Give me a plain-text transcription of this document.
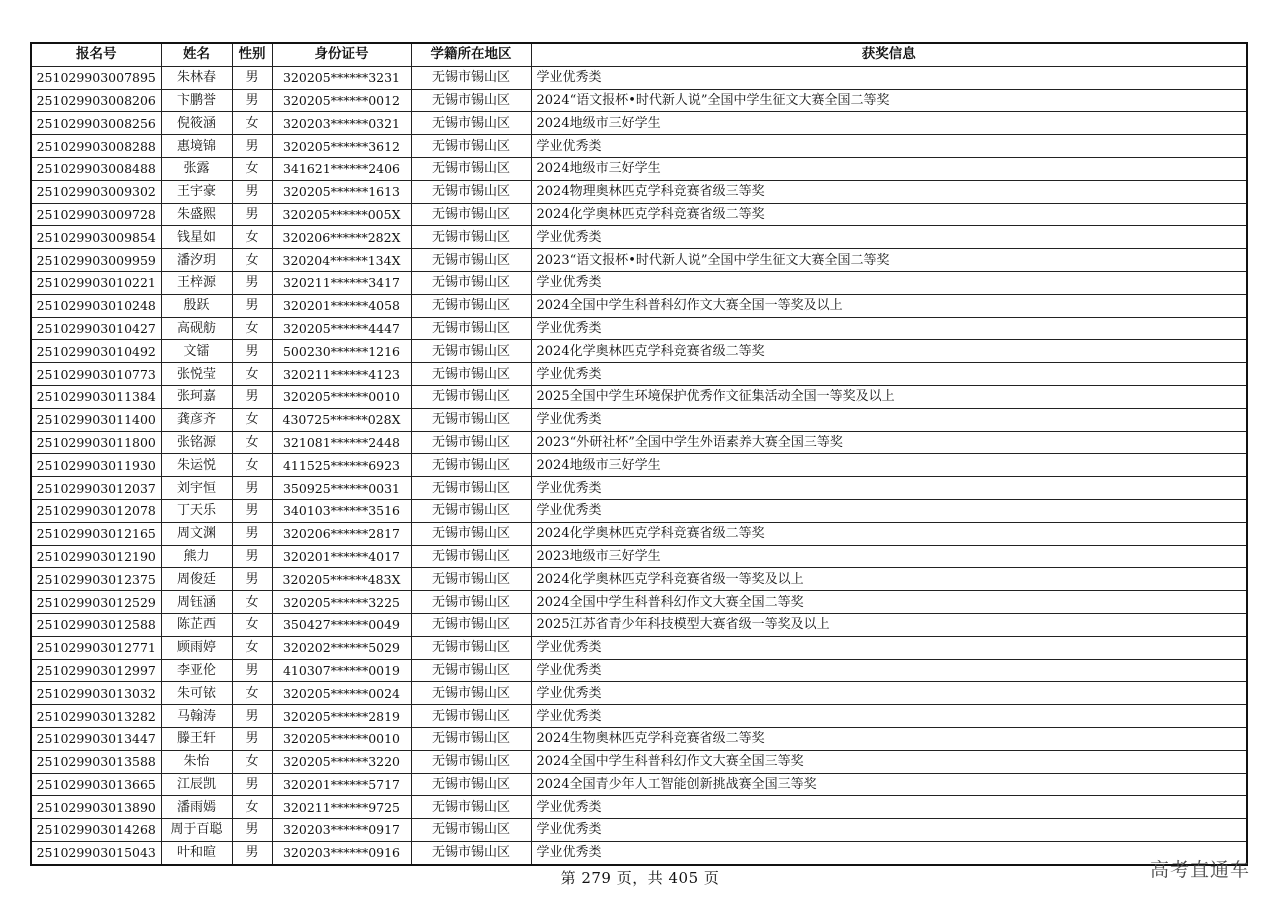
报名号	姓名	性别	身份证号	学籍所在地区	获奖信息
251029903007895	朱林春	男	320205******3231	无锡市锡山区	学业优秀类
251029903008206	卞鹏誉	男	320205******0012	无锡市锡山区	2024“语文报杯•时代新人说”全国中学生征文大赛全国二等奖
251029903008256	倪筱涵	女	320203******0321	无锡市锡山区	2024地级市三好学生
251029903008288	惠境锦	男	320205******3612	无锡市锡山区	学业优秀类
251029903008488	张露	女	341621******2406	无锡市锡山区	2024地级市三好学生
251029903009302	王宇豪	男	320205******1613	无锡市锡山区	2024物理奥林匹克学科竞赛省级三等奖
251029903009728	朱盛熙	男	320205******005X	无锡市锡山区	2024化学奥林匹克学科竞赛省级二等奖
251029903009854	钱星如	女	320206******282X	无锡市锡山区	学业优秀类
251029903009959	潘汐玥	女	320204******134X	无锡市锡山区	2023“语文报杯•时代新人说”全国中学生征文大赛全国二等奖
251029903010221	王梓源	男	320211******3417	无锡市锡山区	学业优秀类
251029903010248	殷跃	男	320201******4058	无锡市锡山区	2024全国中学生科普科幻作文大赛全国一等奖及以上
251029903010427	高砚舫	女	320205******4447	无锡市锡山区	学业优秀类
251029903010492	文镭	男	500230******1216	无锡市锡山区	2024化学奥林匹克学科竞赛省级二等奖
251029903010773	张悦莹	女	320211******4123	无锡市锡山区	学业优秀类
251029903011384	张珂嘉	男	320205******0010	无锡市锡山区	2025全国中学生环境保护优秀作文征集活动全国一等奖及以上
251029903011400	龚彦齐	女	430725******028X	无锡市锡山区	学业优秀类
251029903011800	张铭源	女	321081******2448	无锡市锡山区	2023“外研社杯”全国中学生外语素养大赛全国三等奖
251029903011930	朱运悦	女	411525******6923	无锡市锡山区	2024地级市三好学生
251029903012037	刘宇恒	男	350925******0031	无锡市锡山区	学业优秀类
251029903012078	丁天乐	男	340103******3516	无锡市锡山区	学业优秀类
251029903012165	周文渊	男	320206******2817	无锡市锡山区	2024化学奥林匹克学科竞赛省级二等奖
251029903012190	熊力	男	320201******4017	无锡市锡山区	2023地级市三好学生
251029903012375	周俊廷	男	320205******483X	无锡市锡山区	2024化学奥林匹克学科竞赛省级一等奖及以上
251029903012529	周钰涵	女	320205******3225	无锡市锡山区	2024全国中学生科普科幻作文大赛全国二等奖
251029903012588	陈芷西	女	350427******0049	无锡市锡山区	2025江苏省青少年科技模型大赛省级一等奖及以上
251029903012771	顾雨婷	女	320202******5029	无锡市锡山区	学业优秀类
251029903012997	李亚伦	男	410307******0019	无锡市锡山区	学业优秀类
251029903013032	朱可铱	女	320205******0024	无锡市锡山区	学业优秀类
251029903013282	马翰涛	男	320205******2819	无锡市锡山区	学业优秀类
251029903013447	滕王轩	男	320205******0010	无锡市锡山区	2024生物奥林匹克学科竞赛省级二等奖
251029903013588	朱怡	女	320205******3220	无锡市锡山区	2024全国中学生科普科幻作文大赛全国三等奖
251029903013665	江辰凯	男	320201******5717	无锡市锡山区	2024全国青少年人工智能创新挑战赛全国三等奖
251029903013890	潘雨嫣	女	320211******9725	无锡市锡山区	学业优秀类
251029903014268	周于百聪	男	320203******0917	无锡市锡山区	学业优秀类
251029903015043	叶和暄	男	320203******0916	无锡市锡山区	学业优秀类
第 279 页，共 405 页	高考直通车
